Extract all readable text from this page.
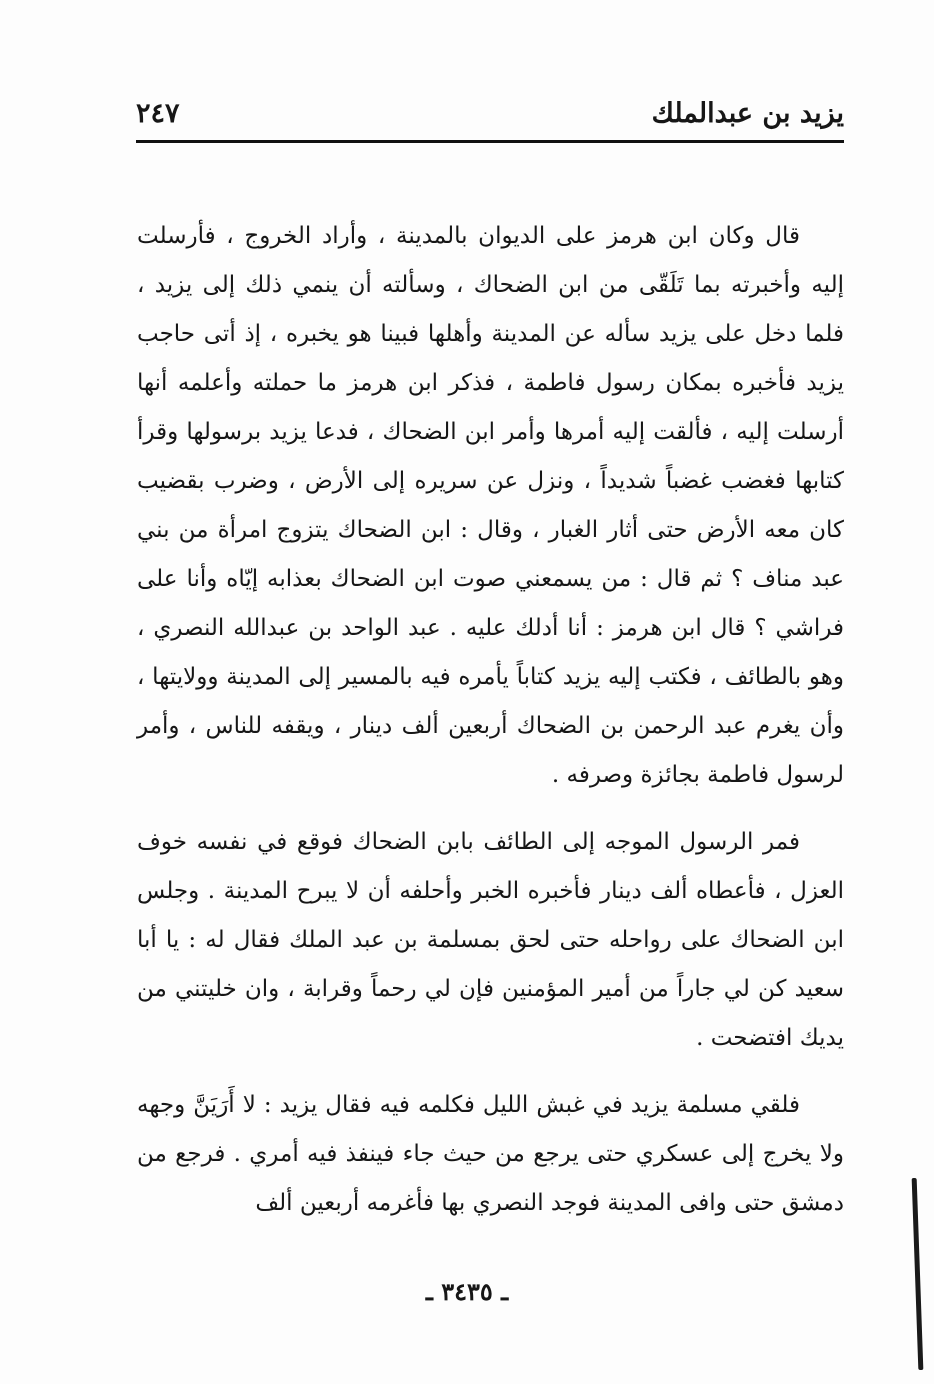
يزيد بن عبدالملك
٢٤٧

قال وكان ابن هرمز على الديوان بالمدينة ، وأراد الخروج ، فأرسلت إليه وأخبرته بما تَلَقّى من ابن الضحاك ، وسألته أن ينمي ذلك إلى يزيد ، فلما دخل على يزيد سأله عن المدينة وأهلها فبينا هو يخبره ، إذ أتى حاجب يزيد فأخبره بمكان رسول فاطمة ، فذكر ابن هرمز ما حملته وأعلمه أنها أرسلت إليه ، فألقت إليه أمرها وأمر ابن الضحاك ، فدعا يزيد برسولها وقرأ كتابها فغضب غضباً شديداً ، ونزل عن سريره إلى الأرض ، وضرب بقضيب كان معه الأرض حتى أثار الغبار ، وقال : ابن الضحاك يتزوج امرأة من بني عبد مناف ؟ ثم قال : من يسمعني صوت ابن الضحاك بعذابه إيّاه وأنا على فراشي ؟ قال ابن هرمز : أنا أدلك عليه . عبد الواحد بن عبدالله النصري ، وهو بالطائف ، فكتب إليه يزيد كتاباً يأمره فيه بالمسير إلى المدينة وولايتها ، وأن يغرم عبد الرحمن بن الضحاك أربعين ألف دينار ، ويقفه للناس ، وأمر لرسول فاطمة بجائزة وصرفه .

فمر الرسول الموجه إلى الطائف بابن الضحاك فوقع في نفسه خوف العزل ، فأعطاه ألف دينار فأخبره الخبر وأحلفه أن لا يبرح المدينة . وجلس ابن الضحاك على رواحله حتى لحق بمسلمة بن عبد الملك فقال له : يا أبا سعيد كن لي جاراً من أمير المؤمنين فإن لي رحماً وقرابة ، وان خليتني من يديك افتضحت .

فلقي مسلمة يزيد في غبش الليل فكلمه فيه فقال يزيد : لا أَرَيَنَّ وجهه ولا يخرج إلى عسكري حتى يرجع من حيث جاء فينفذ فيه أمري . فرجع من دمشق حتى وافى المدينة فوجد النصري بها فأغرمه أربعين ألف

ـ ٣٤٣٥ ـ
